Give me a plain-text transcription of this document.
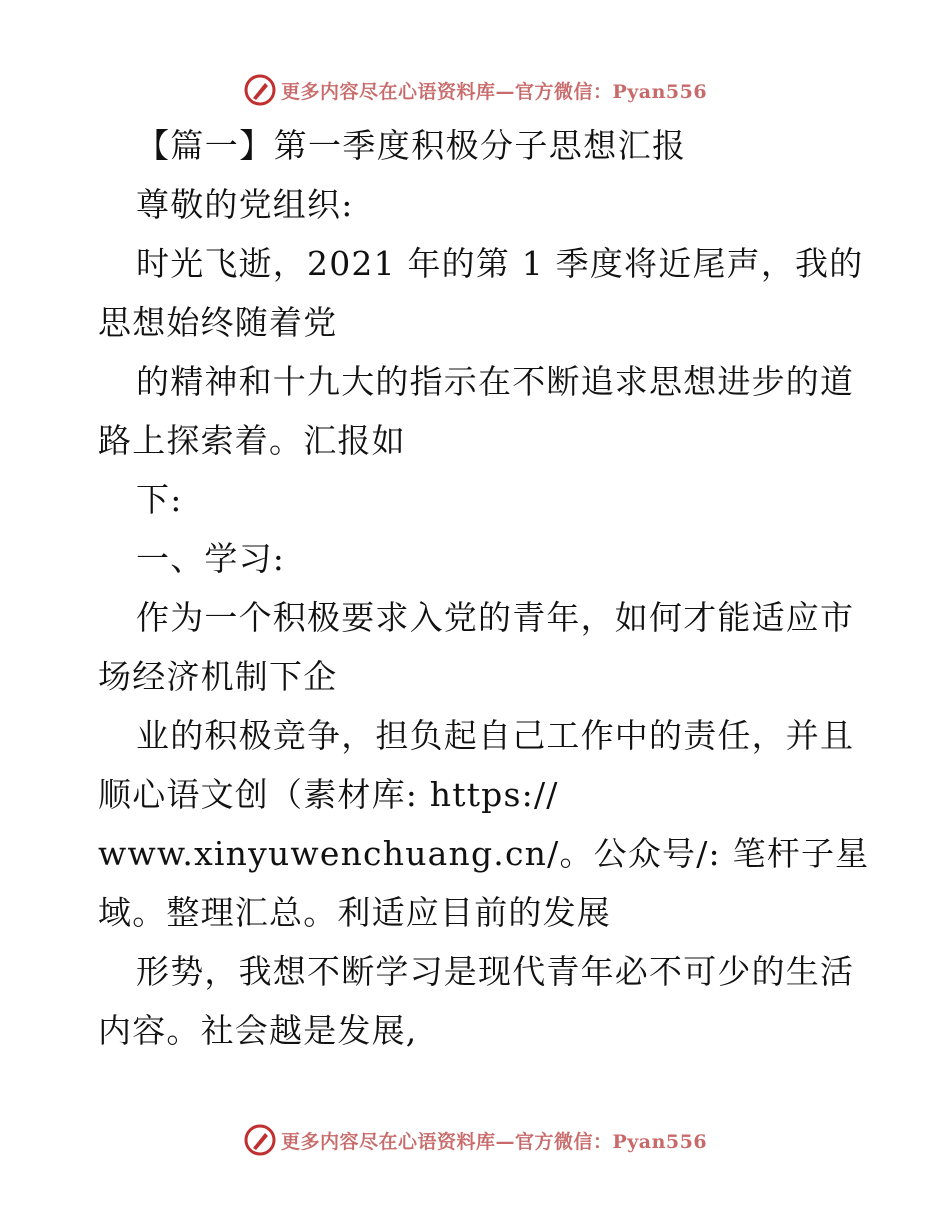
更多内容尽在心语资料库—官方微信：Pyan556
【篇一】第一季度积极分子思想汇报
尊敬的党组织:
时光飞逝，2021 年的第 1 季度将近尾声，我的
思想始终随着党
的精神和十九大的指示在不断追求思想进步的道
路上探索着。汇报如
下:
一、学习:
作为一个积极要求入党的青年，如何才能适应市
场经济机制下企
业的积极竞争，担负起自己工作中的责任，并且
顺心语文创（素材库: https://
www.xinyuwenchuang.cn/。公众号/: 笔杆子星
域。整理汇总。利适应目前的发展
形势，我想不断学习是现代青年必不可少的生活
内容。社会越是发展,
更多内容尽在心语资料库—官方微信：Pyan556
